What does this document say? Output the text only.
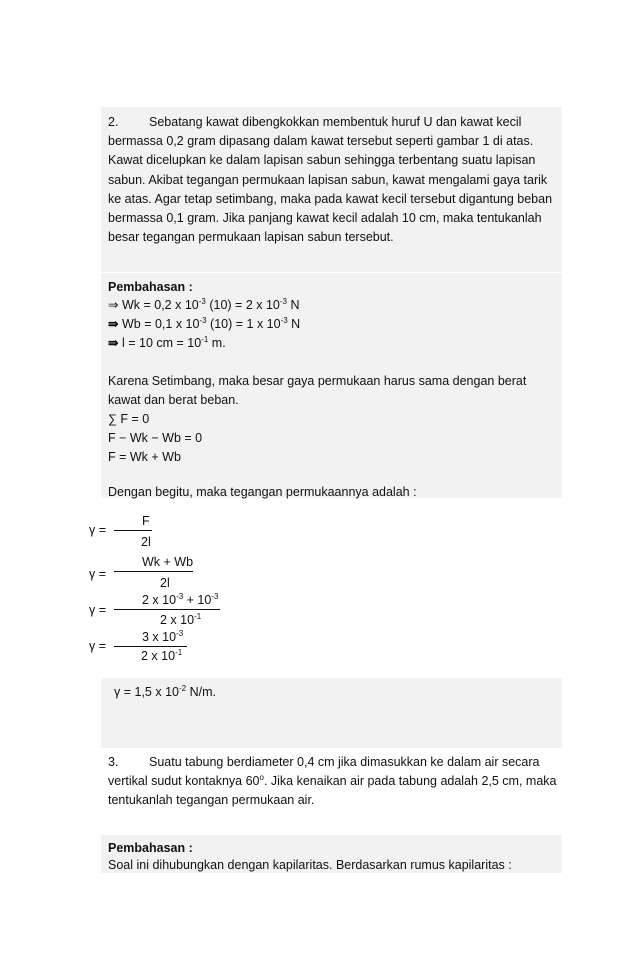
2. Sebatang kawat dibengkokkan membentuk huruf U dan kawat kecil
bermassa 0,2 gram dipasang dalam kawat tersebut seperti gambar 1 di atas.
Kawat dicelupkan ke dalam lapisan sabun sehingga terbentang suatu lapisan
sabun. Akibat tegangan permukaan lapisan sabun, kawat mengalami gaya tarik
ke atas. Agar tetap setimbang, maka pada kawat kecil tersebut digantung beban
bermassa 0,1 gram. Jika panjang kawat kecil adalah 10 cm, maka tentukanlah
besar tegangan permukaan lapisan sabun tersebut.
Pembahasan :
⇒ Wk = 0,2 x $10^{-3}$ (10) = 2 x $10^{-3}$ N
⇛ Wb = 0,1 x $10^{-3}$ (10) = 1 x $10^{-3}$ N
⇛ l = 10 cm = $10^{-1}$ m.
Karena Setimbang, maka besar gaya permukaan harus sama dengan berat
kawat dan berat beban.
∑ F = 0
F − Wk − Wb = 0
F = Wk + Wb
Dengan begitu, maka tegangan permukaannya adalah :
γ =
F
2l
γ =
Wk + Wb
2l
γ =
2 x $10^{-3} + 10^{-3}$
2 x $10^{-1}$
γ =
3 x $10^{-3}$
2 x $10^{-1}$
γ = 1,5 x $10^{-2}$ N/m.
3. Suatu tabung berdiameter 0,4 cm jika dimasukkan ke dalam air secara
vertikal sudut kontaknya 60$^o$. Jika kenaikan air pada tabung adalah 2,5 cm, maka
tentukanlah tegangan permukaan air.
Pembahasan :
Soal ini dihubungkan dengan kapilaritas. Berdasarkan rumus kapilaritas :
